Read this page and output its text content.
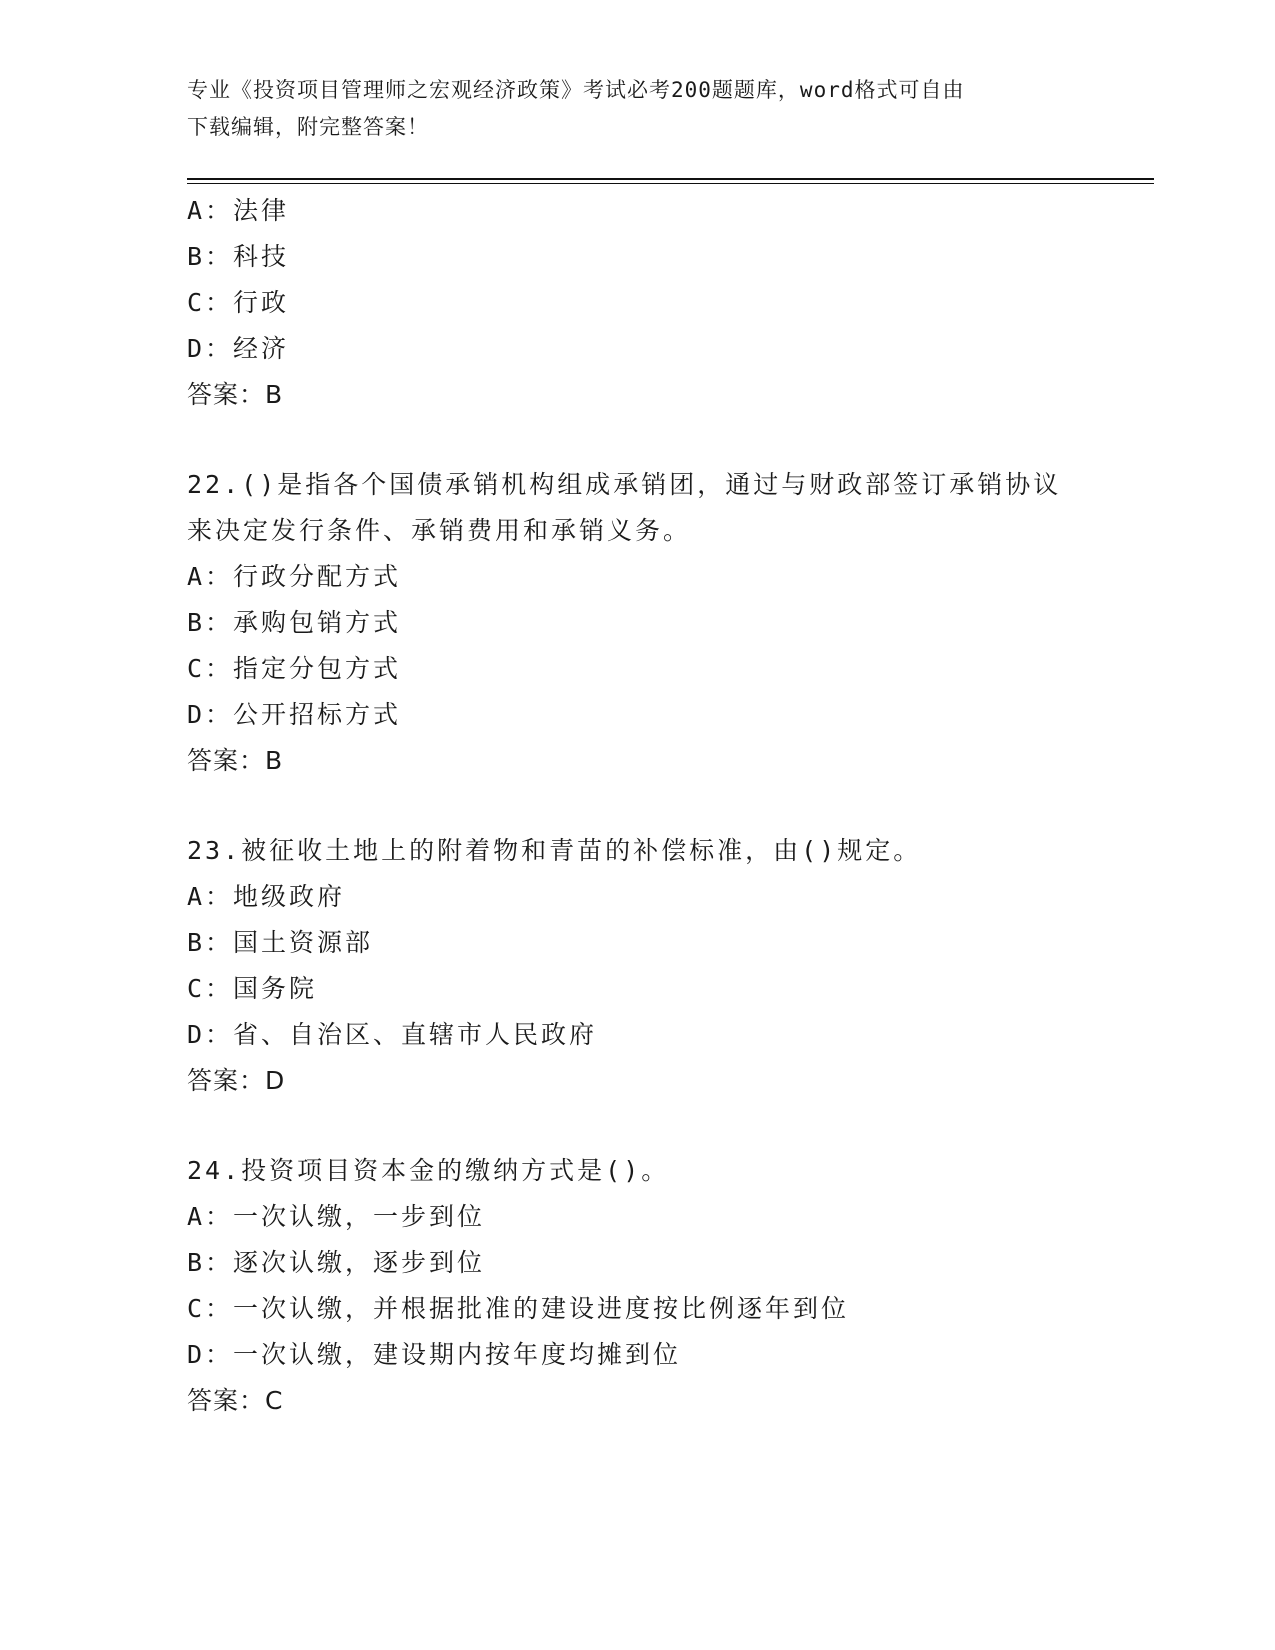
专业《投资项目管理师之宏观经济政策》考试必考200题题库，word格式可自由
下载编辑，附完整答案！
A：法律
B：科技
C：行政
D：经济
答案：B
22.()是指各个国债承销机构组成承销团，通过与财政部签订承销协议
来决定发行条件、承销费用和承销义务。
A：行政分配方式
B：承购包销方式
C：指定分包方式
D：公开招标方式
答案：B
23.被征收土地上的附着物和青苗的补偿标准，由()规定。
A：地级政府
B：国土资源部
C：国务院
D：省、自治区、直辖市人民政府
答案：D
24.投资项目资本金的缴纳方式是()。
A：一次认缴，一步到位
B：逐次认缴，逐步到位
C：一次认缴，并根据批准的建设进度按比例逐年到位
D：一次认缴，建设期内按年度均摊到位
答案：C
